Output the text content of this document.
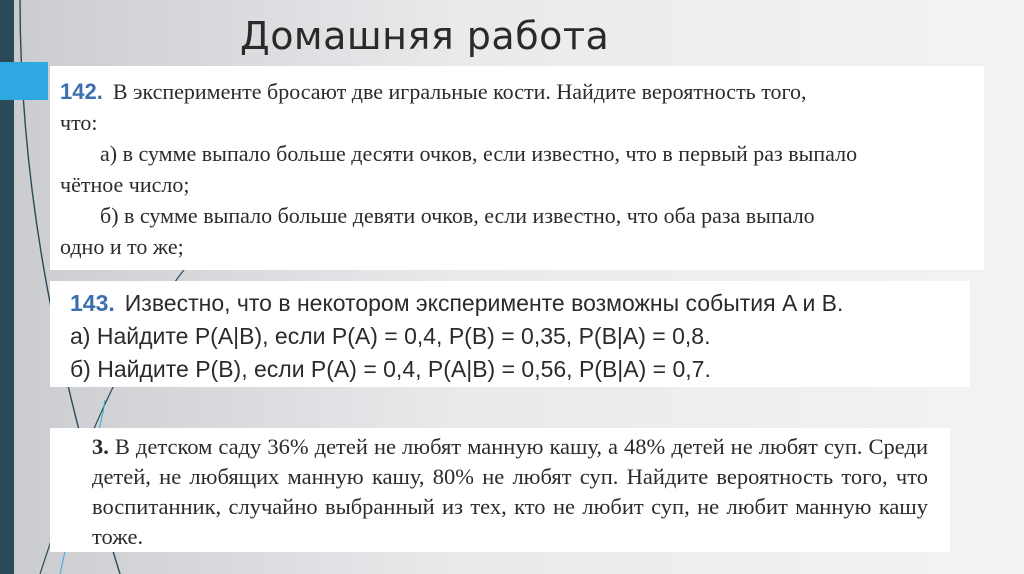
Домашняя работа

142. В эксперименте бросают две игральные кости. Найдите вероятность того,

что:

а) в сумме выпало больше десяти очков, если известно, что в первый раз выпало

чётное число;

б) в сумме выпало больше девяти очков, если известно, что оба раза выпало

одно и то же;

143. Известно, что в некотором эксперименте возможны события A и B.

а) Найдите P(A|B), если P(A) = 0,4, P(B) = 0,35, P(B|A) = 0,8.

б) Найдите P(B), если P(A) = 0,4, P(A|B) = 0,56, P(B|A) = 0,7.

3. В детском саду 36% детей не любят манную кашу, а 48% детей не любят суп. Среди детей, не любящих манную кашу, 80% не любят суп. Найдите вероятность того, что воспитанник, случайно выбранный из тех, кто не любит суп, не любит манную кашу тоже.
